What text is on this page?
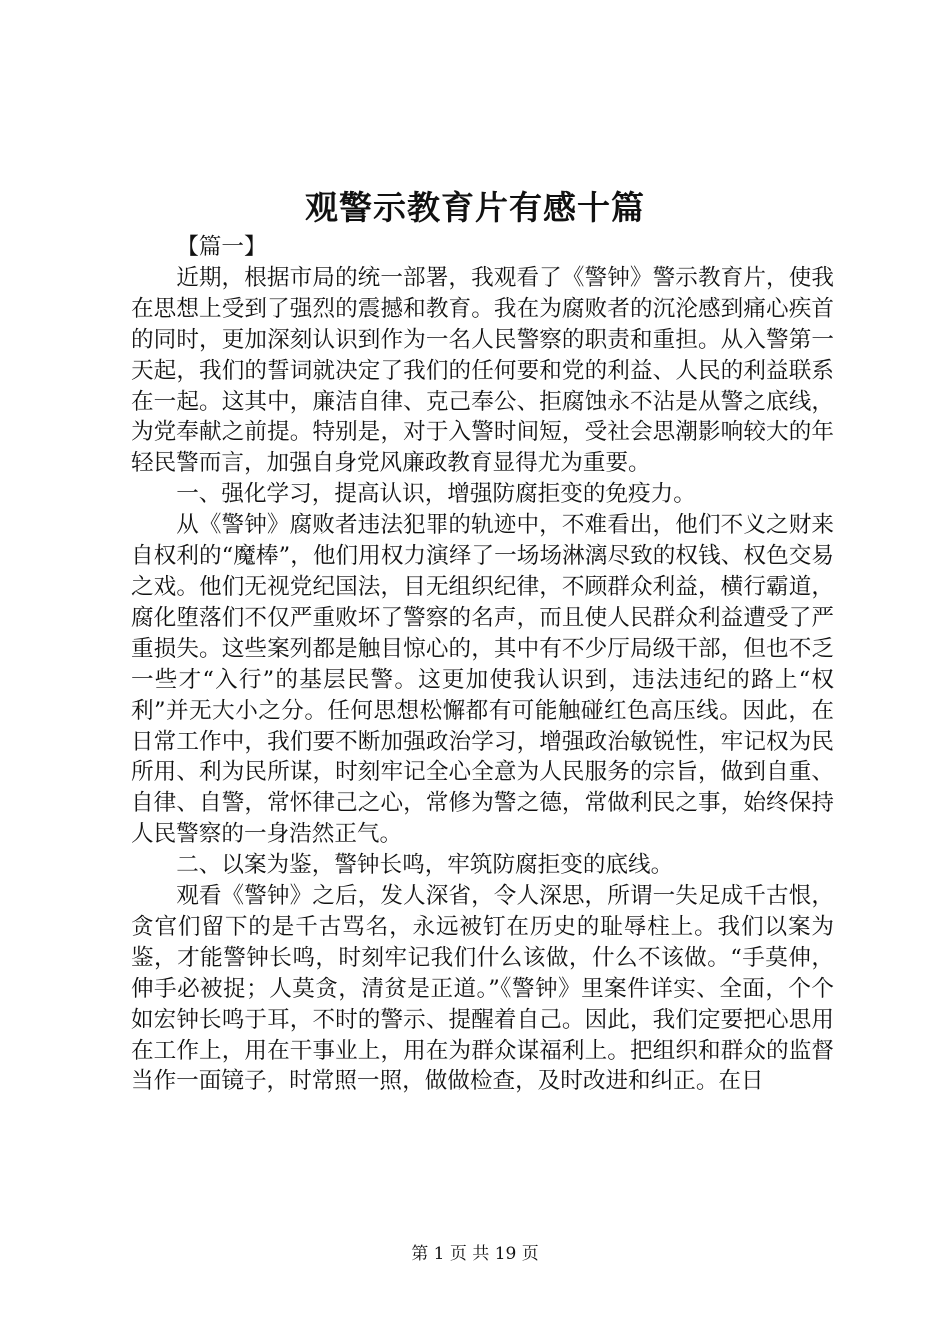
观警示教育片有感十篇

【篇一】

近期，根据市局的统一部署，我观看了《警钟》警示教育片，使我在思想上受到了强烈的震撼和教育。我在为腐败者的沉沦感到痛心疾首的同时，更加深刻认识到作为一名人民警察的职责和重担。从入警第一天起，我们的誓词就决定了我们的任何要和党的利益、人民的利益联系在一起。这其中，廉洁自律、克己奉公、拒腐蚀永不沾是从警之底线，为党奉献之前提。特别是，对于入警时间短，受社会思潮影响较大的年轻民警而言，加强自身党风廉政教育显得尤为重要。

一、强化学习，提高认识，增强防腐拒变的免疫力。

从《警钟》腐败者违法犯罪的轨迹中，不难看出，他们不义之财来自权利的“魔棒”，他们用权力演绎了一场场淋漓尽致的权钱、权色交易之戏。他们无视党纪国法，目无组织纪律，不顾群众利益，横行霸道，腐化堕落们不仅严重败坏了警察的名声，而且使人民群众利益遭受了严重损失。这些案列都是触目惊心的，其中有不少厅局级干部，但也不乏一些才“入行”的基层民警。这更加使我认识到，违法违纪的路上“权利”并无大小之分。任何思想松懈都有可能触碰红色高压线。因此，在日常工作中，我们要不断加强政治学习，增强政治敏锐性，牢记权为民所用、利为民所谋，时刻牢记全心全意为人民服务的宗旨，做到自重、自律、自警，常怀律己之心，常修为警之德，常做利民之事，始终保持人民警察的一身浩然正气。

二、以案为鉴，警钟长鸣，牢筑防腐拒变的底线。

观看《警钟》之后，发人深省，令人深思，所谓一失足成千古恨，贪官们留下的是千古骂名，永远被钉在历史的耻辱柱上。我们以案为鉴，才能警钟长鸣，时刻牢记我们什么该做，什么不该做。“手莫伸，伸手必被捉；人莫贪，清贫是正道。”《警钟》里案件详实、全面，个个如宏钟长鸣于耳，不时的警示、提醒着自己。因此，我们定要把心思用在工作上，用在干事业上，用在为群众谋福利上。把组织和群众的监督当作一面镜子，时常照一照，做做检查，及时改进和纠正。在日

第 1 页 共 19 页
